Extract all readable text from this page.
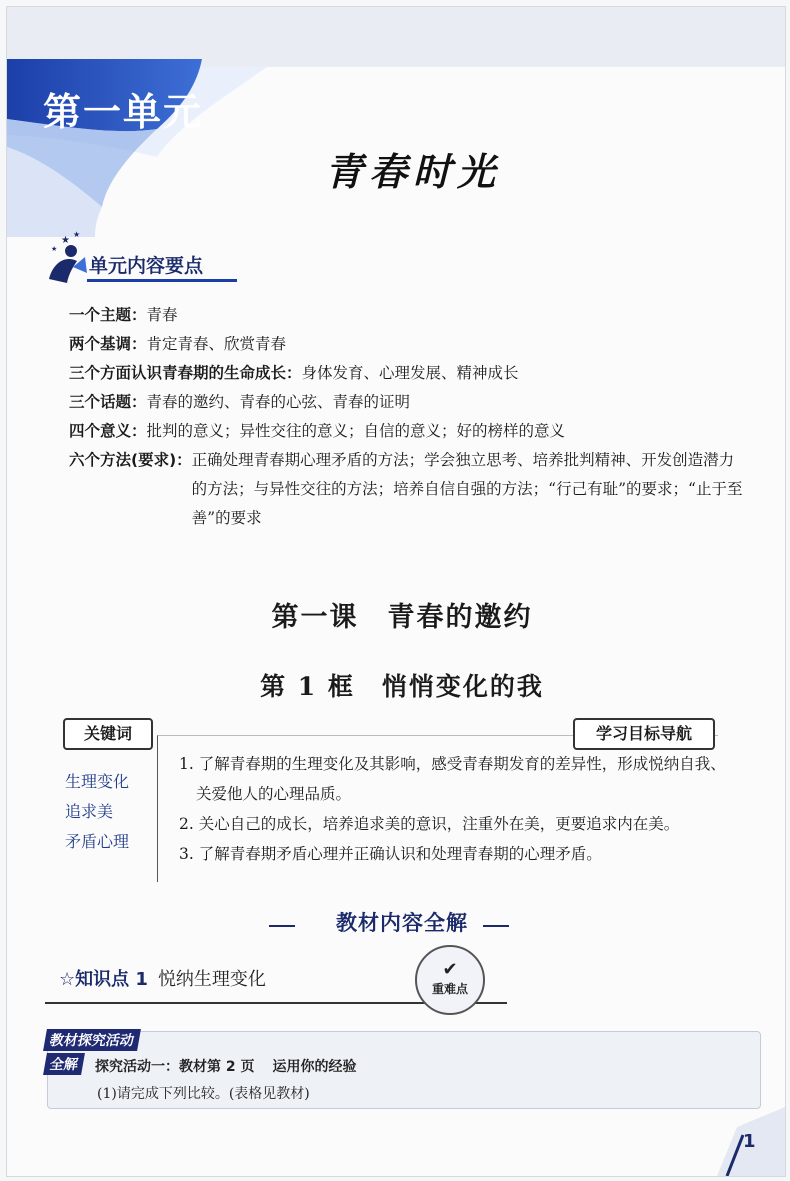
第一单元
青春时光
★
★
★
单元内容要点
一个主题： 青春
两个基调： 肯定青春、欣赏青春
三个方面认识青春期的生命成长： 身体发育、心理发展、精神成长
三个话题： 青春的邀约、青春的心弦、青春的证明
四个意义： 批判的意义；异性交往的意义；自信的意义；好的榜样的意义
六个方法(要求)： 正确处理青春期心理矛盾的方法；学会独立思考、培养批判精神、开发创造潜力的方法；与异性交往的方法；培养自信自强的方法；“行己有耻”的要求；“止于至善”的要求
第一课　青春的邀约
第 1 框　悄悄变化的我
关键词
生理变化
追求美
矛盾心理
学习目标导航
1. 了解青春期的生理变化及其影响，感受青春期发育的差异性，形成悦纳自我、关爱他人的心理品质。
2. 关心自己的成长，培养追求美的意识，注重外在美，更要追求内在美。
3. 了解青春期矛盾心理并正确认识和处理青春期的心理矛盾。
教材内容全解
☆知识点 1 悦纳生理变化	✔
重难点
教材探究活动
全解	探究活动一：教材第 2 页 运用你的经验
(1)请完成下列比较。(表格见教材)
1
